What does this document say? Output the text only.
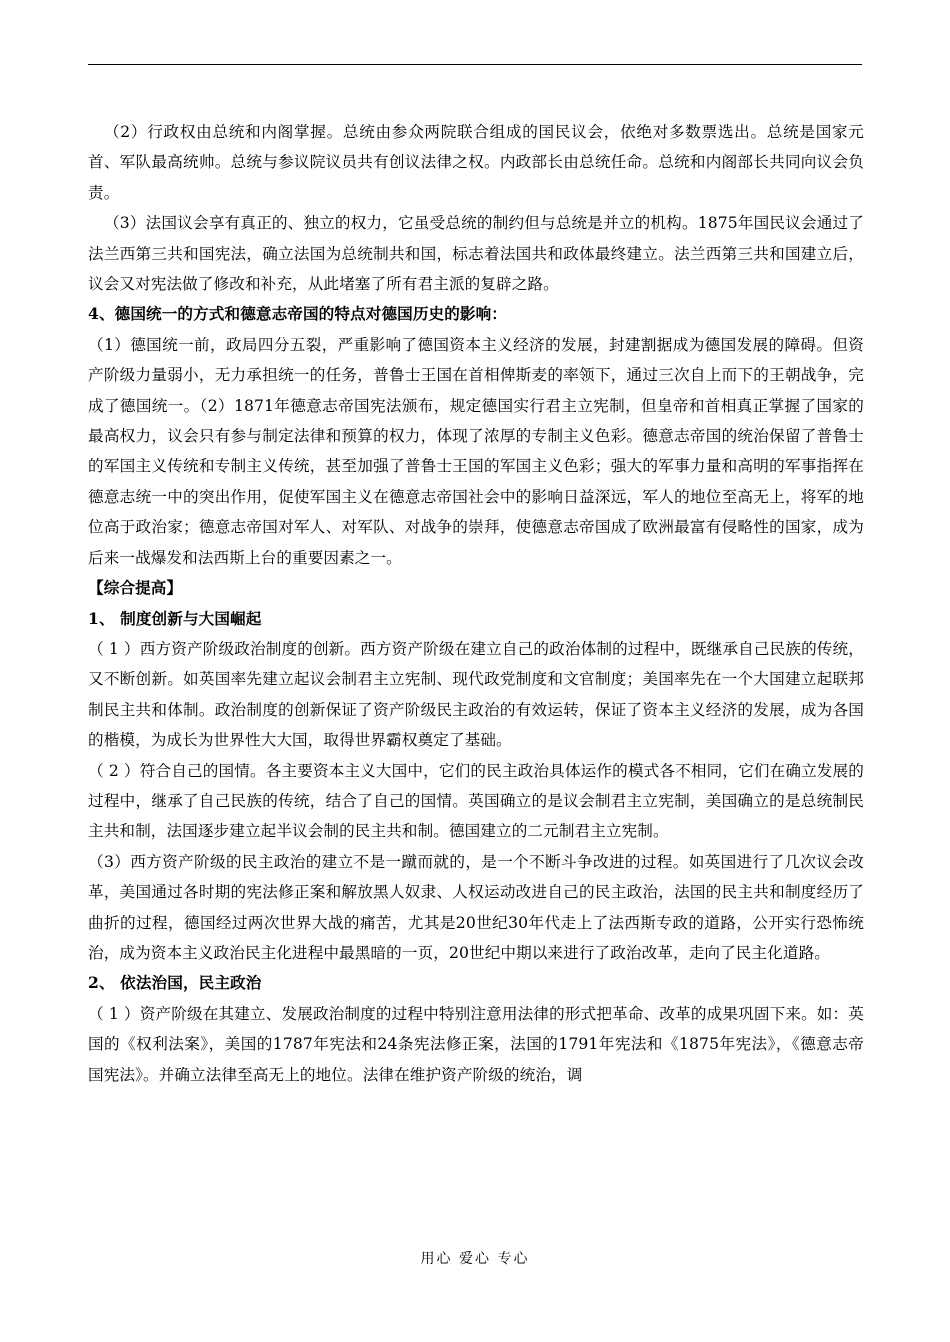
（2）行政权由总统和内阁掌握。总统由参众两院联合组成的国民议会，依绝对多数票选出。总统是国家元首、军队最高统帅。总统与参议院议员共有创议法律之权。内政部长由总统任命。总统和内阁部长共同向议会负责。

（3）法国议会享有真正的、独立的权力，它虽受总统的制约但与总统是并立的机构。1875年国民议会通过了法兰西第三共和国宪法，确立法国为总统制共和国，标志着法国共和政体最终建立。法兰西第三共和国建立后，议会又对宪法做了修改和补充，从此堵塞了所有君主派的复辟之路。

4、德国统一的方式和德意志帝国的特点对德国历史的影响：

（1）德国统一前，政局四分五裂，严重影响了德国资本主义经济的发展，封建割据成为德国发展的障碍。但资产阶级力量弱小，无力承担统一的任务，普鲁士王国在首相俾斯麦的率领下，通过三次自上而下的王朝战争，完成了德国统一。（2）1871年德意志帝国宪法颁布，规定德国实行君主立宪制，但皇帝和首相真正掌握了国家的最高权力，议会只有参与制定法律和预算的权力，体现了浓厚的专制主义色彩。德意志帝国的统治保留了普鲁士的军国主义传统和专制主义传统，甚至加强了普鲁士王国的军国主义色彩；强大的军事力量和高明的军事指挥在德意志统一中的突出作用，促使军国主义在德意志帝国社会中的影响日益深远，军人的地位至高无上，将军的地位高于政治家；德意志帝国对军人、对军队、对战争的崇拜，使德意志帝国成了欧洲最富有侵略性的国家，成为后来一战爆发和法西斯上台的重要因素之一。

【综合提高】
1、 制度创新与大国崛起

（ 1 ）西方资产阶级政治制度的创新。西方资产阶级在建立自己的政治体制的过程中，既继承自己民族的传统，又不断创新。如英国率先建立起议会制君主立宪制、现代政党制度和文官制度；美国率先在一个大国建立起联邦制民主共和体制。政治制度的创新保证了资产阶级民主政治的有效运转，保证了资本主义经济的发展，成为各国的楷模，为成长为世界性大大国，取得世界霸权奠定了基础。

（ 2 ）符合自己的国情。各主要资本主义大国中，它们的民主政治具体运作的模式各不相同，它们在确立发展的过程中，继承了自己民族的传统，结合了自己的国情。英国确立的是议会制君主立宪制，美国确立的是总统制民主共和制，法国逐步建立起半议会制的民主共和制。德国建立的二元制君主立宪制。

（3）西方资产阶级的民主政治的建立不是一蹴而就的，是一个不断斗争改进的过程。如英国进行了几次议会改革，美国通过各时期的宪法修正案和解放黑人奴隶、人权运动改进自己的民主政治，法国的民主共和制度经历了曲折的过程，德国经过两次世界大战的痛苦，尤其是20世纪30年代走上了法西斯专政的道路，公开实行恐怖统治，成为资本主义政治民主化进程中最黑暗的一页，20世纪中期以来进行了政治改革，走向了民主化道路。

2、 依法治国，民主政治

（ 1 ）资产阶级在其建立、发展政治制度的过程中特别注意用法律的形式把革命、改革的成果巩固下来。如：英国的《权利法案》，美国的1787年宪法和24条宪法修正案，法国的1791年宪法和《1875年宪法》，《德意志帝国宪法》。并确立法律至高无上的地位。法律在维护资产阶级的统治，调

用心 爱心 专心
